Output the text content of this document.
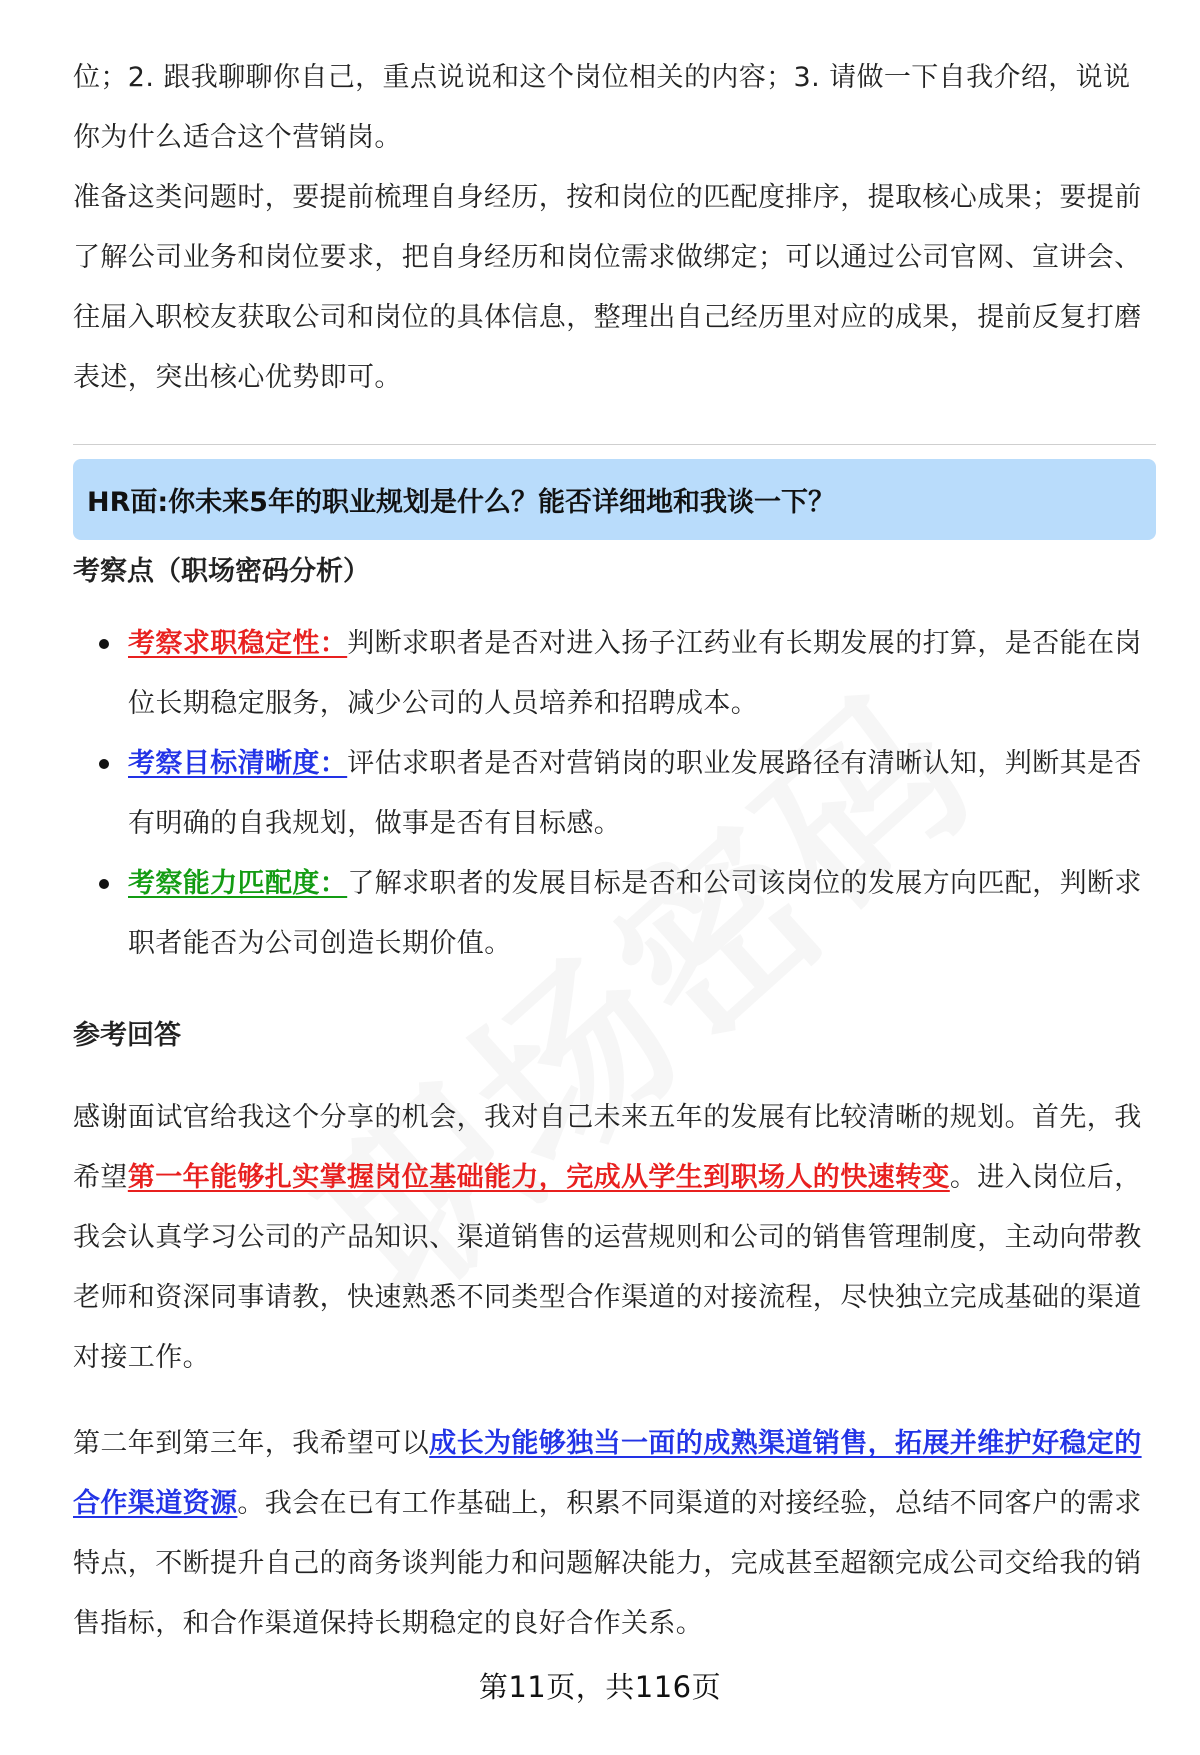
位；2. 跟我聊聊你自己，重点说说和这个岗位相关的内容；3. 请做一下自我介绍，说说你为什么适合这个营销岗。

准备这类问题时，要提前梳理自身经历，按和岗位的匹配度排序，提取核心成果；要提前了解公司业务和岗位要求，把自身经历和岗位需求做绑定；可以通过公司官网、宣讲会、往届入职校友获取公司和岗位的具体信息，整理出自己经历里对应的成果，提前反复打磨表述，突出核心优势即可。

HR面:你未来5年的职业规划是什么？能否详细地和我谈一下？
考察点（职场密码分析）
考察求职稳定性：判断求职者是否对进入扬子江药业有长期发展的打算，是否能在岗位长期稳定服务，减少公司的人员培养和招聘成本。
考察目标清晰度：评估求职者是否对营销岗的职业发展路径有清晰认知，判断其是否有明确的自我规划，做事是否有目标感。
考察能力匹配度：了解求职者的发展目标是否和公司该岗位的发展方向匹配，判断求职者能否为公司创造长期价值。
参考回答

感谢面试官给我这个分享的机会，我对自己未来五年的发展有比较清晰的规划。首先，我希望第一年能够扎实掌握岗位基础能力，完成从学生到职场人的快速转变。进入岗位后，我会认真学习公司的产品知识、渠道销售的运营规则和公司的销售管理制度，主动向带教老师和资深同事请教，快速熟悉不同类型合作渠道的对接流程，尽快独立完成基础的渠道对接工作。

第二年到第三年，我希望可以成长为能够独当一面的成熟渠道销售，拓展并维护好稳定的合作渠道资源。我会在已有工作基础上，积累不同渠道的对接经验，总结不同客户的需求特点，不断提升自己的商务谈判能力和问题解决能力，完成甚至超额完成公司交给我的销售指标，和合作渠道保持长期稳定的良好合作关系。

第11页，共116页
